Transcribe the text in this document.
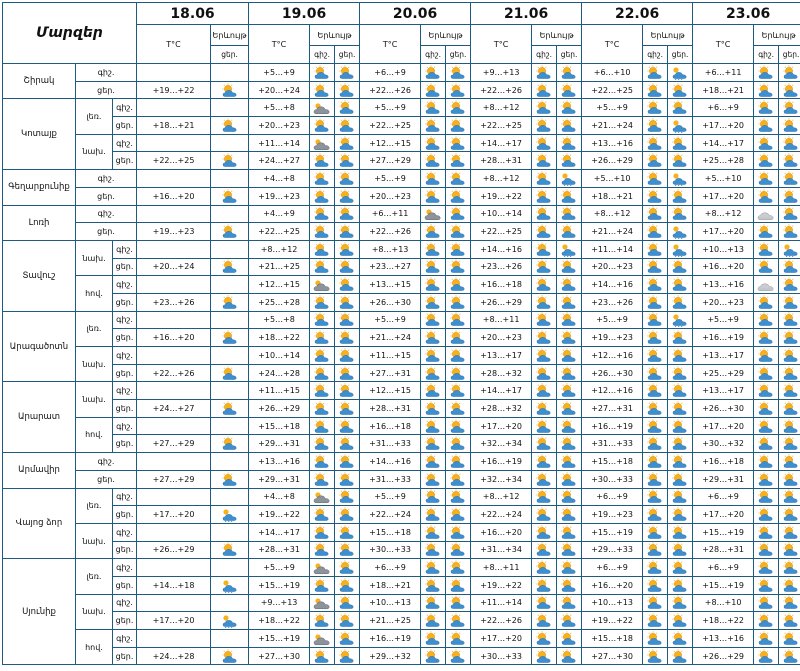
Մարզեր			18.06		19.06			20.06			21.06			22.06			23.06		
			T°C	Երևույթ	T°C	Երևույթ		T°C	Երևույթ		T°C	Երևույթ		T°C	Երևույթ		T°C	Երևույթ	
				ցեր.		գիշ.	ցեր.		գիշ.	ցեր.		գիշ.	ցեր.		գիշ.	ցեր.		գիշ.	ցեր.
Շիրակ	գիշ.				+5…+9			+6…+9			+9…+13			+6…+10			+6…+11	

	ցեր.		+19…+22		+20…+24			+22…+26			+22…+26			+22…+25			+18…+21	

Կոտայք	լեռ.	գիշ.			+5…+8			+5…+9			+8…+12			+5…+9			+6…+9	

		ցեր.	+18…+21		+20…+23			+22…+25			+22…+25			+21…+24			+17…+20	

	նախ.	գիշ.			+11…+14			+12…+15			+14…+17			+13…+16			+14…+17	

		ցեր.	+22…+25		+24…+27			+27…+29			+28…+31			+26…+29			+25…+28	

Գեղարքունիք	գիշ.				+4…+8			+5…+9			+8…+12			+5…+10			+5…+10	

	ցեր.		+16…+20		+19…+23			+20…+23			+19…+22			+18…+21			+17…+20	

Լոռի	գիշ.				+4…+9			+6…+11			+10…+14			+8…+12			+8…+12	

	ցեր.		+19…+23		+22…+25			+22…+26			+22…+25			+21…+24			+17…+20	

Տավուշ	նախ.	գիշ.			+8…+12			+8…+13			+14…+16			+11…+14			+10…+13	

		ցեր.	+20…+24		+21…+25			+23…+27			+23…+26			+20…+23			+16…+20	

	հով.	գիշ.			+12…+15			+13…+15			+16…+18			+14…+16			+13…+16	

		ցեր.	+23…+26		+25…+28			+26…+30			+26…+29			+23…+26			+20…+23	

Արագածոտն	լեռ.	գիշ.			+5…+8			+5…+9			+8…+11			+5…+9			+5…+9	

		ցեր.	+16…+20		+18…+22			+21…+24			+20…+23			+19…+23			+16…+19	

	նախ.	գիշ.			+10…+14			+11…+15			+13…+17			+12…+16			+13…+17	

		ցեր.	+22…+26		+24…+28			+27…+31			+28…+32			+26…+30			+25…+29	

Արարատ	նախ.	գիշ.			+11…+15			+12…+15			+14…+17			+12…+16			+13…+17	

		ցեր.	+24…+27		+26…+29			+28…+31			+28…+32			+27…+31			+26…+30	

	հով.	գիշ.			+15…+18			+16…+18			+17…+20			+16…+19			+17…+20	

		ցեր.	+27…+29		+29…+31			+31…+33			+32…+34			+31…+33			+30…+32	

Արմավիր	գիշ.				+13…+16			+14…+16			+16…+19			+15…+18			+16…+18	

	ցեր.		+27…+29		+29…+31			+31…+33			+32…+34			+30…+33			+29…+31	

Վայոց ձոր	լեռ.	գիշ.			+4…+8			+5…+9			+8…+12			+6…+9			+6…+9	

		ցեր.	+17…+20		+19…+22			+22…+24			+22…+24			+19…+23			+17…+20	

	նախ.	գիշ.			+14…+17			+15…+18			+16…+20			+15…+19			+15…+19	

		ցեր.	+26…+29		+28…+31			+30…+33			+31…+34			+29…+33			+28…+31	

Սյունիք	լեռ.	գիշ.			+5…+9			+6…+9			+8…+11			+6…+9			+6…+9	

		ցեր.	+14…+18		+15…+19			+18…+21			+19…+22			+16…+20			+15…+19	

	նախ.	գիշ.			+9…+13			+10…+13			+11…+14			+10…+13			+8…+10	

		ցեր.	+17…+20		+18…+22			+21…+25			+22…+26			+19…+22			+18…+22	

	հով.	գիշ.			+15…+19			+16…+19			+17…+20			+15…+18			+13…+16	

		ցեր.	+24…+28		+27…+30			+29…+32			+30…+33			+27…+30			+26…+29	
